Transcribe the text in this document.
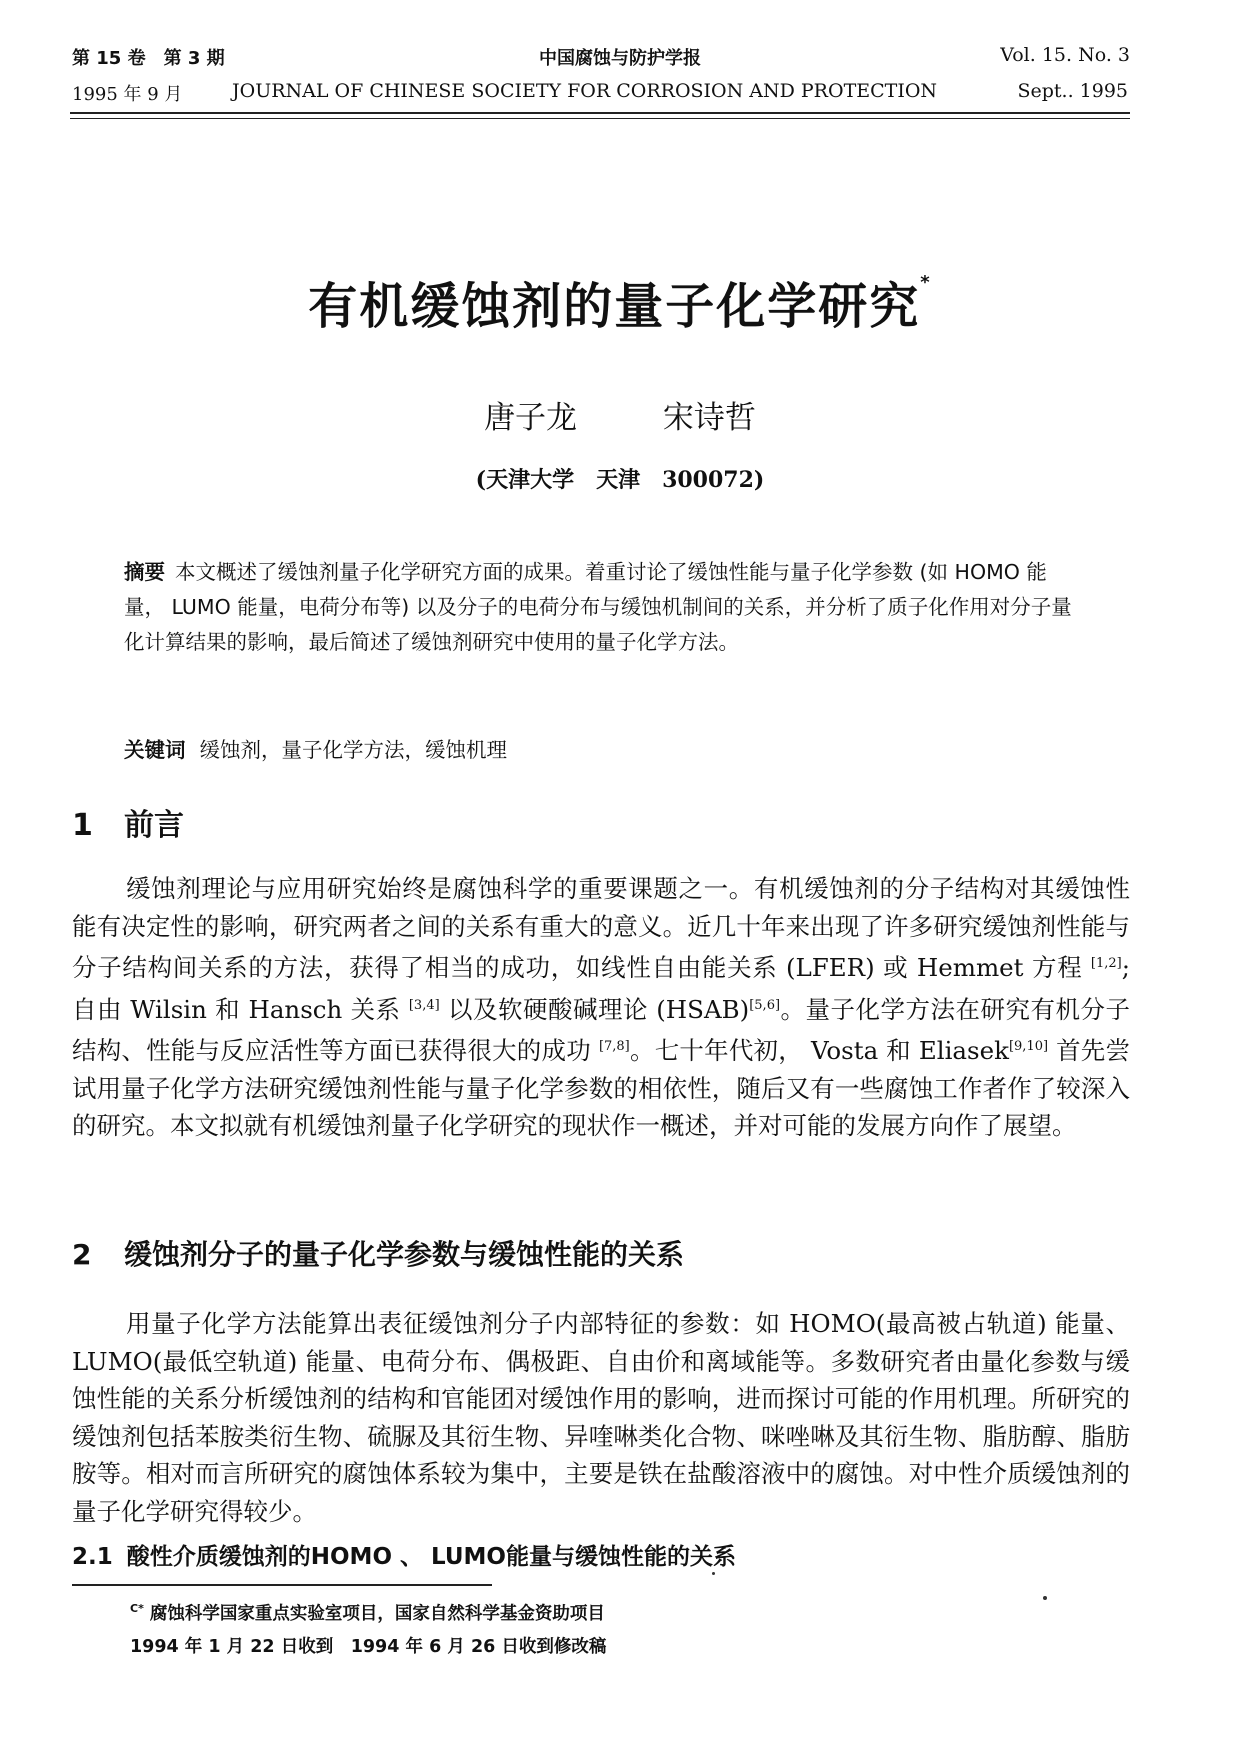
第 15 卷　第 3 期	中国腐蚀与防护学报	Vol. 15. No. 3
1995 年 9 月	JOURNAL OF CHINESE SOCIETY FOR CORROSION AND PROTECTION	Sept.. 1995
有机缓蚀剂的量子化学研究*
唐子龙	宋诗哲
(天津大学　天津　300072)
摘要 本文概述了缓蚀剂量子化学研究方面的成果。着重讨论了缓蚀性能与量子化学参数 (如 HOMO 能量， LUMO 能量，电荷分布等) 以及分子的电荷分布与缓蚀机制间的关系，并分析了质子化作用对分子量化计算结果的影响，最后简述了缓蚀剂研究中使用的量子化学方法。
关键词 缓蚀剂，量子化学方法，缓蚀机理
1 前言
缓蚀剂理论与应用研究始终是腐蚀科学的重要课题之一。有机缓蚀剂的分子结构对其缓蚀性能有决定性的影响，研究两者之间的关系有重大的意义。近几十年来出现了许多研究缓蚀剂性能与分子结构间关系的方法，获得了相当的成功，如线性自由能关系 (LFER) 或 Hemmet 方程 [1,2]; 自由 Wilsin 和 Hansch 关系 [3,4] 以及软硬酸碱理论 (HSAB)[5,6]。量子化学方法在研究有机分子结构、性能与反应活性等方面已获得很大的成功 [7,8]。七十年代初， Vosta 和 Eliasek[9,10] 首先尝试用量子化学方法研究缓蚀剂性能与量子化学参数的相依性，随后又有一些腐蚀工作者作了较深入的研究。本文拟就有机缓蚀剂量子化学研究的现状作一概述，并对可能的发展方向作了展望。
2 缓蚀剂分子的量子化学参数与缓蚀性能的关系
用量子化学方法能算出表征缓蚀剂分子内部特征的参数：如 HOMO(最高被占轨道) 能量、LUMO(最低空轨道) 能量、电荷分布、偶极距、自由价和离域能等。多数研究者由量化参数与缓蚀性能的关系分析缓蚀剂的结构和官能团对缓蚀作用的影响，进而探讨可能的作用机理。所研究的缓蚀剂包括苯胺类衍生物、硫脲及其衍生物、异喹啉类化合物、咪唑啉及其衍生物、脂肪醇、脂肪胺等。相对而言所研究的腐蚀体系较为集中，主要是铁在盐酸溶液中的腐蚀。对中性介质缓蚀剂的量子化学研究得较少。
2.1 酸性介质缓蚀剂的HOMO 、 LUMO能量与缓蚀性能的关系
$^{C*}$ 腐蚀科学国家重点实验室项目，国家自然科学基金资助项目
1994 年 1 月 22 日收到　1994 年 6 月 26 日收到修改稿
